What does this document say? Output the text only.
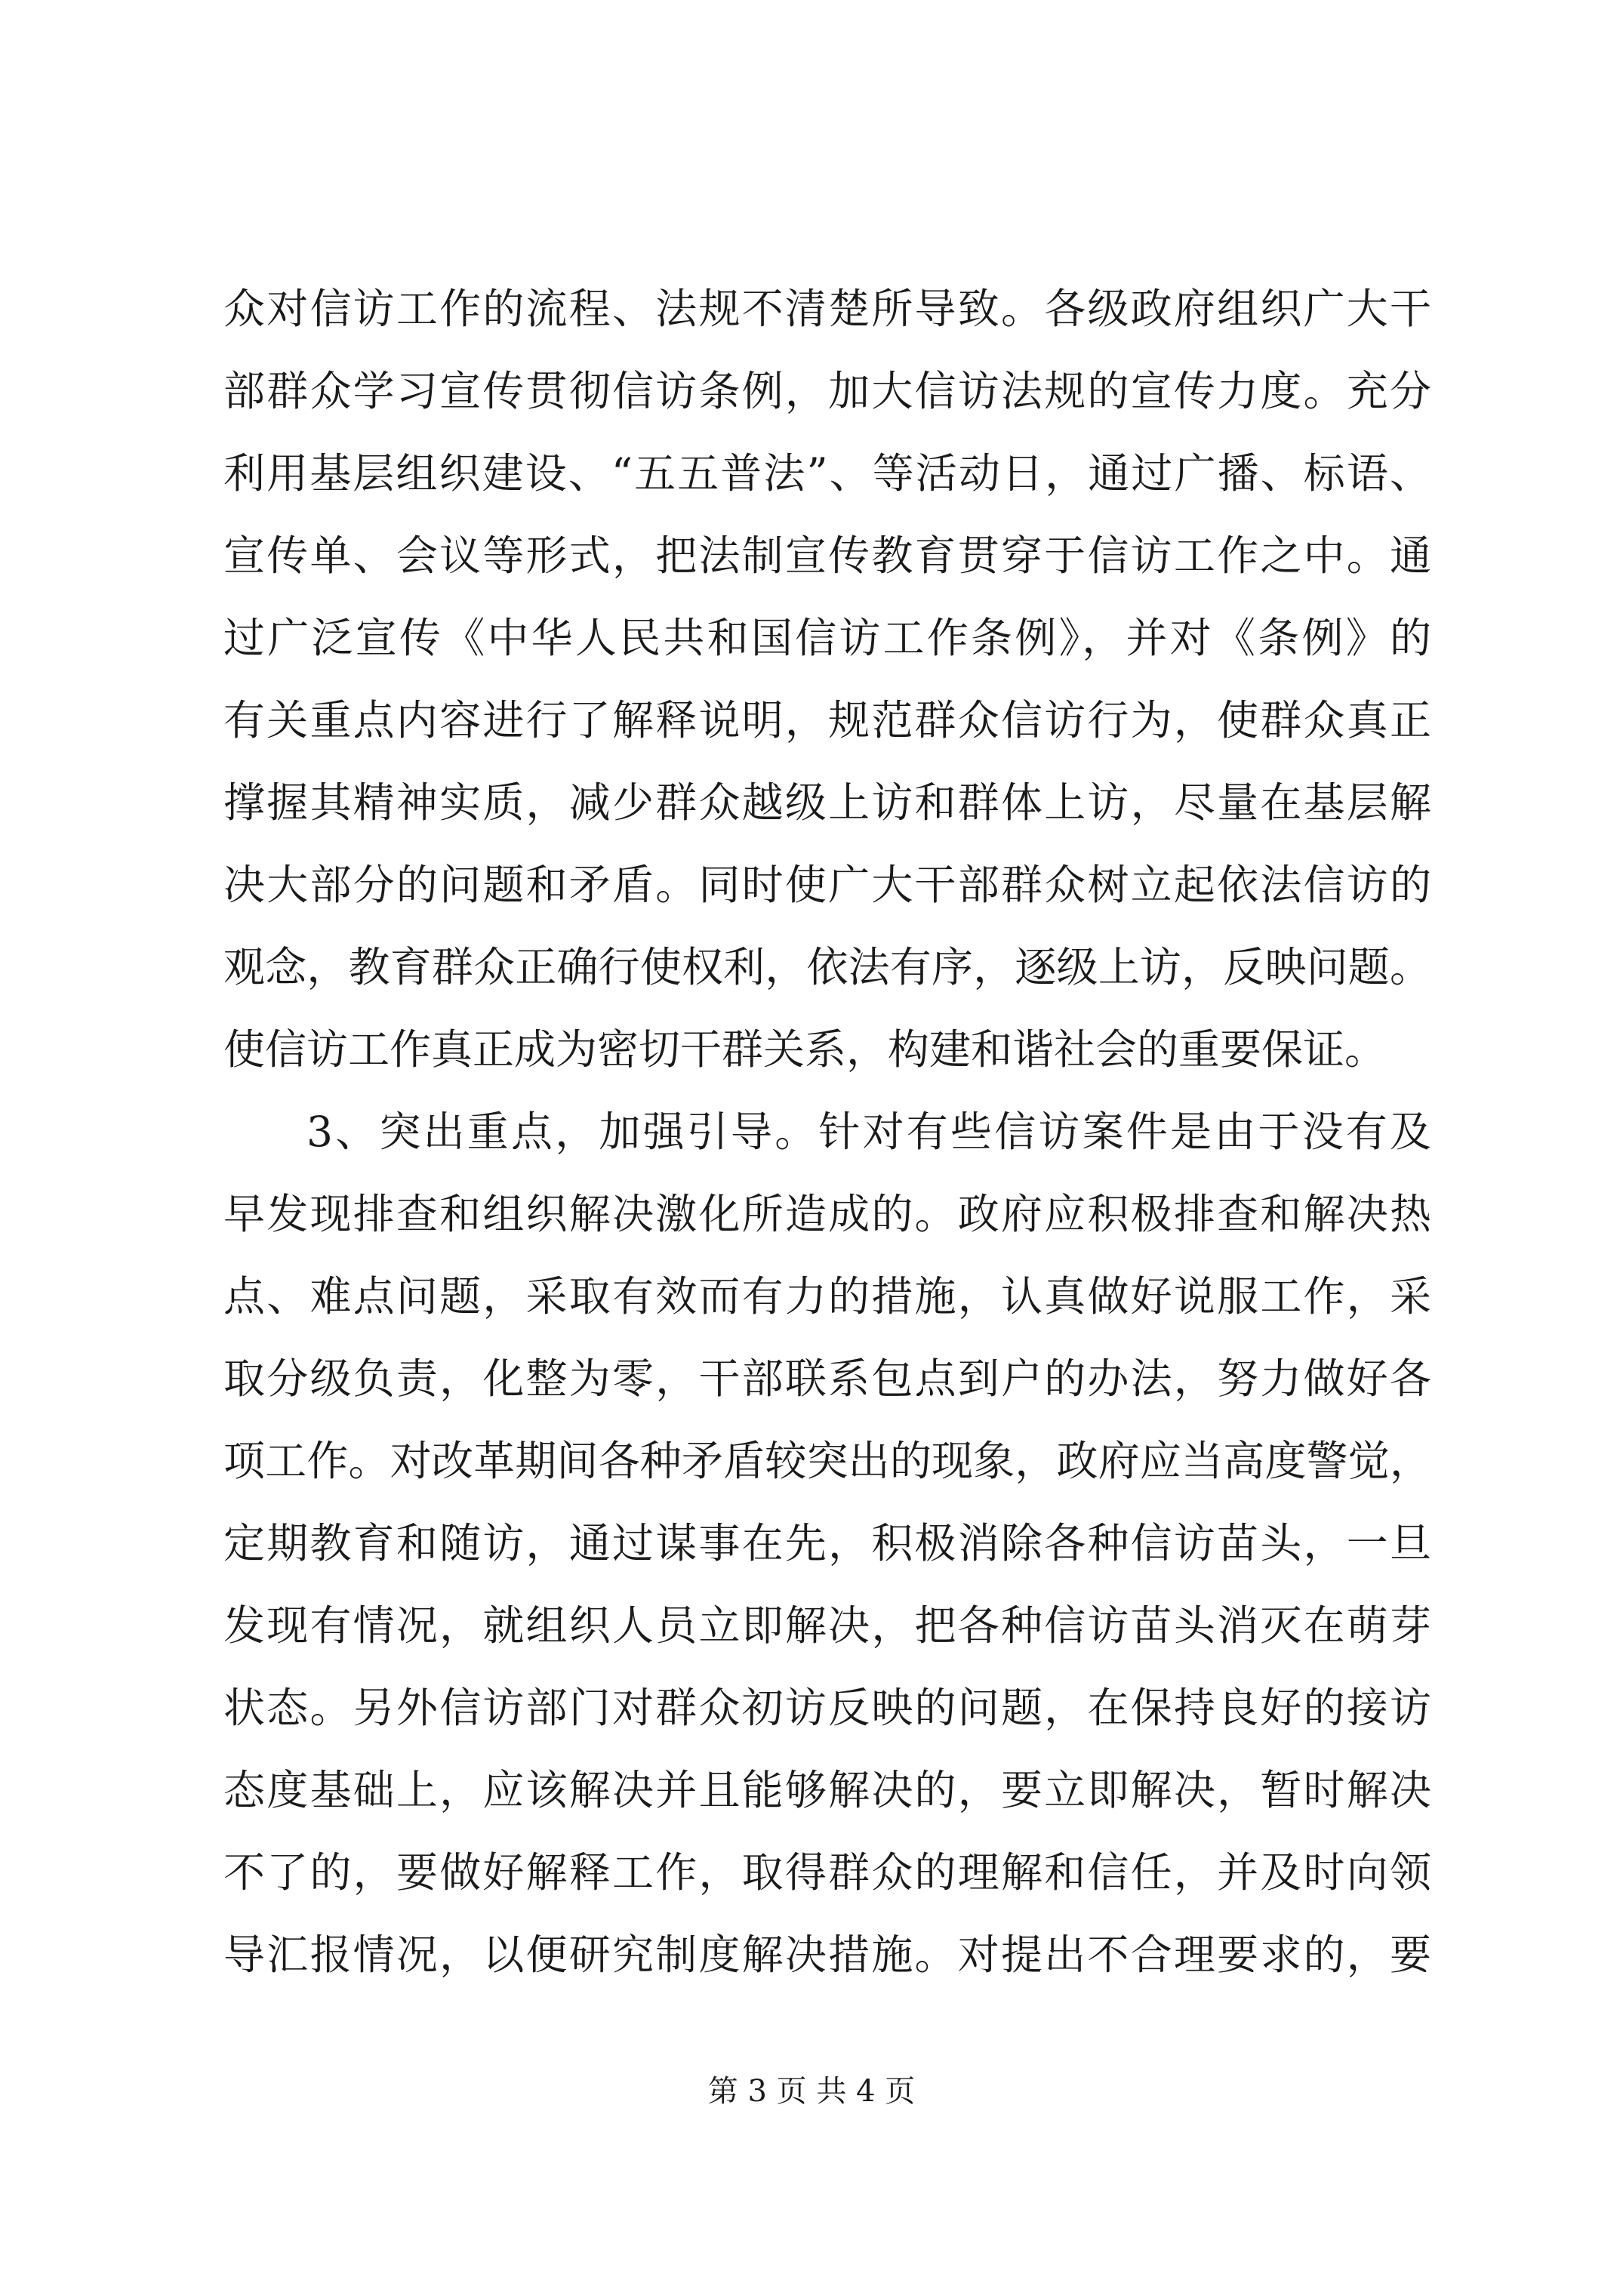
众对信访工作的流程、法规不清楚所导致。各级政府组织广大干
部群众学习宣传贯彻信访条例，加大信访法规的宣传力度。充分
利用基层组织建设、“五五普法”、等活动日，通过广播、标语、
宣传单、会议等形式，把法制宣传教育贯穿于信访工作之中。通
过广泛宣传《中华人民共和国信访工作条例》，并对《条例》的
有关重点内容进行了解释说明，规范群众信访行为，使群众真正
撑握其精神实质，减少群众越级上访和群体上访，尽量在基层解
决大部分的问题和矛盾。同时使广大干部群众树立起依法信访的
观念，教育群众正确行使权利，依法有序，逐级上访，反映问题。
使信访工作真正成为密切干群关系，构建和谐社会的重要保证。
3、突出重点，加强引导。针对有些信访案件是由于没有及
早发现排查和组织解决激化所造成的。政府应积极排查和解决热
点、难点问题，采取有效而有力的措施，认真做好说服工作，采
取分级负责，化整为零，干部联系包点到户的办法，努力做好各
项工作。对改革期间各种矛盾较突出的现象，政府应当高度警觉，
定期教育和随访，通过谋事在先，积极消除各种信访苗头，一旦
发现有情况，就组织人员立即解决，把各种信访苗头消灭在萌芽
状态。另外信访部门对群众初访反映的问题，在保持良好的接访
态度基础上，应该解决并且能够解决的，要立即解决，暂时解决
不了的，要做好解释工作，取得群众的理解和信任，并及时向领
导汇报情况，以便研究制度解决措施。对提出不合理要求的，要
第 3 页 共 4 页
